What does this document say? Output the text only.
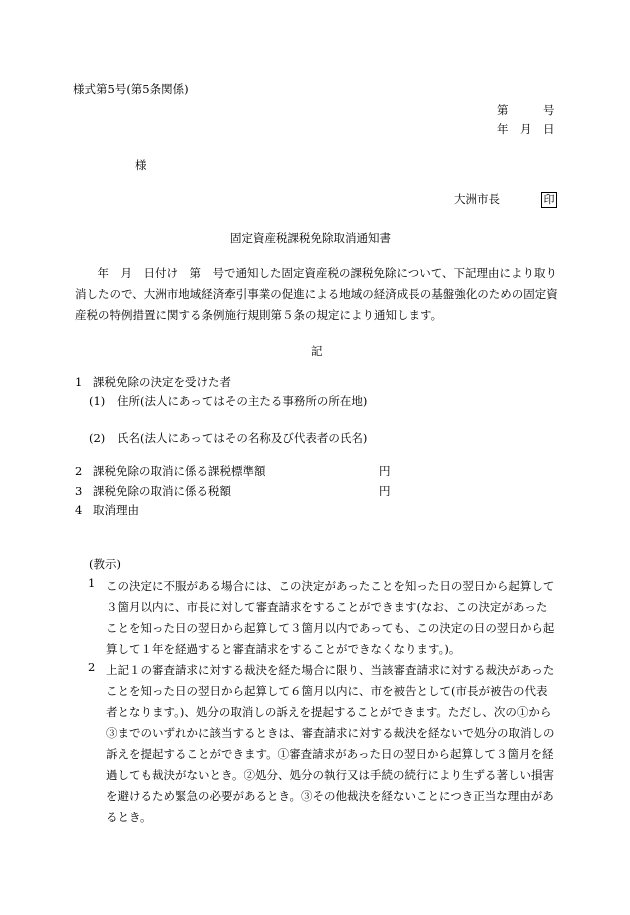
様式第5号(第5条関係)
第　　　号
年　月　日
様
大洲市長	印
固定資産税課税免除取消通知書
　年　月　日付け　第　号で通知した固定資産税の課税免除について、下記理由により取り消したので、大洲市地域経済牽引事業の促進による地域の経済成長の基盤強化のための固定資産税の特例措置に関する条例施行規則第５条の規定により通知します。
記
1 課税免除の決定を受けた者
(1) 住所(法人にあってはその主たる事務所の所在地)
(2) 氏名(法人にあってはその名称及び代表者の氏名)
2 課税免除の取消に係る課税標準額	円
3 課税免除の取消に係る税額	円
4 取消理由
(教示)
1 この決定に不服がある場合には、この決定があったことを知った日の翌日から起算して３箇月以内に、市長に対して審査請求をすることができます(なお、この決定があったことを知った日の翌日から起算して３箇月以内であっても、この決定の日の翌日から起算して１年を経過すると審査請求をすることができなくなります。)。
2 上記１の審査請求に対する裁決を経た場合に限り、当該審査請求に対する裁決があったことを知った日の翌日から起算して６箇月以内に、市を被告として(市長が被告の代表者となります。)、処分の取消しの訴えを提起することができます。ただし、次の①から③までのいずれかに該当するときは、審査請求に対する裁決を経ないで処分の取消しの訴えを提起することができます。①審査請求があった日の翌日から起算して３箇月を経過しても裁決がないとき。②処分、処分の執行又は手続の続行により生ずる著しい損害を避けるため緊急の必要があるとき。③その他裁決を経ないことにつき正当な理由があるとき。
